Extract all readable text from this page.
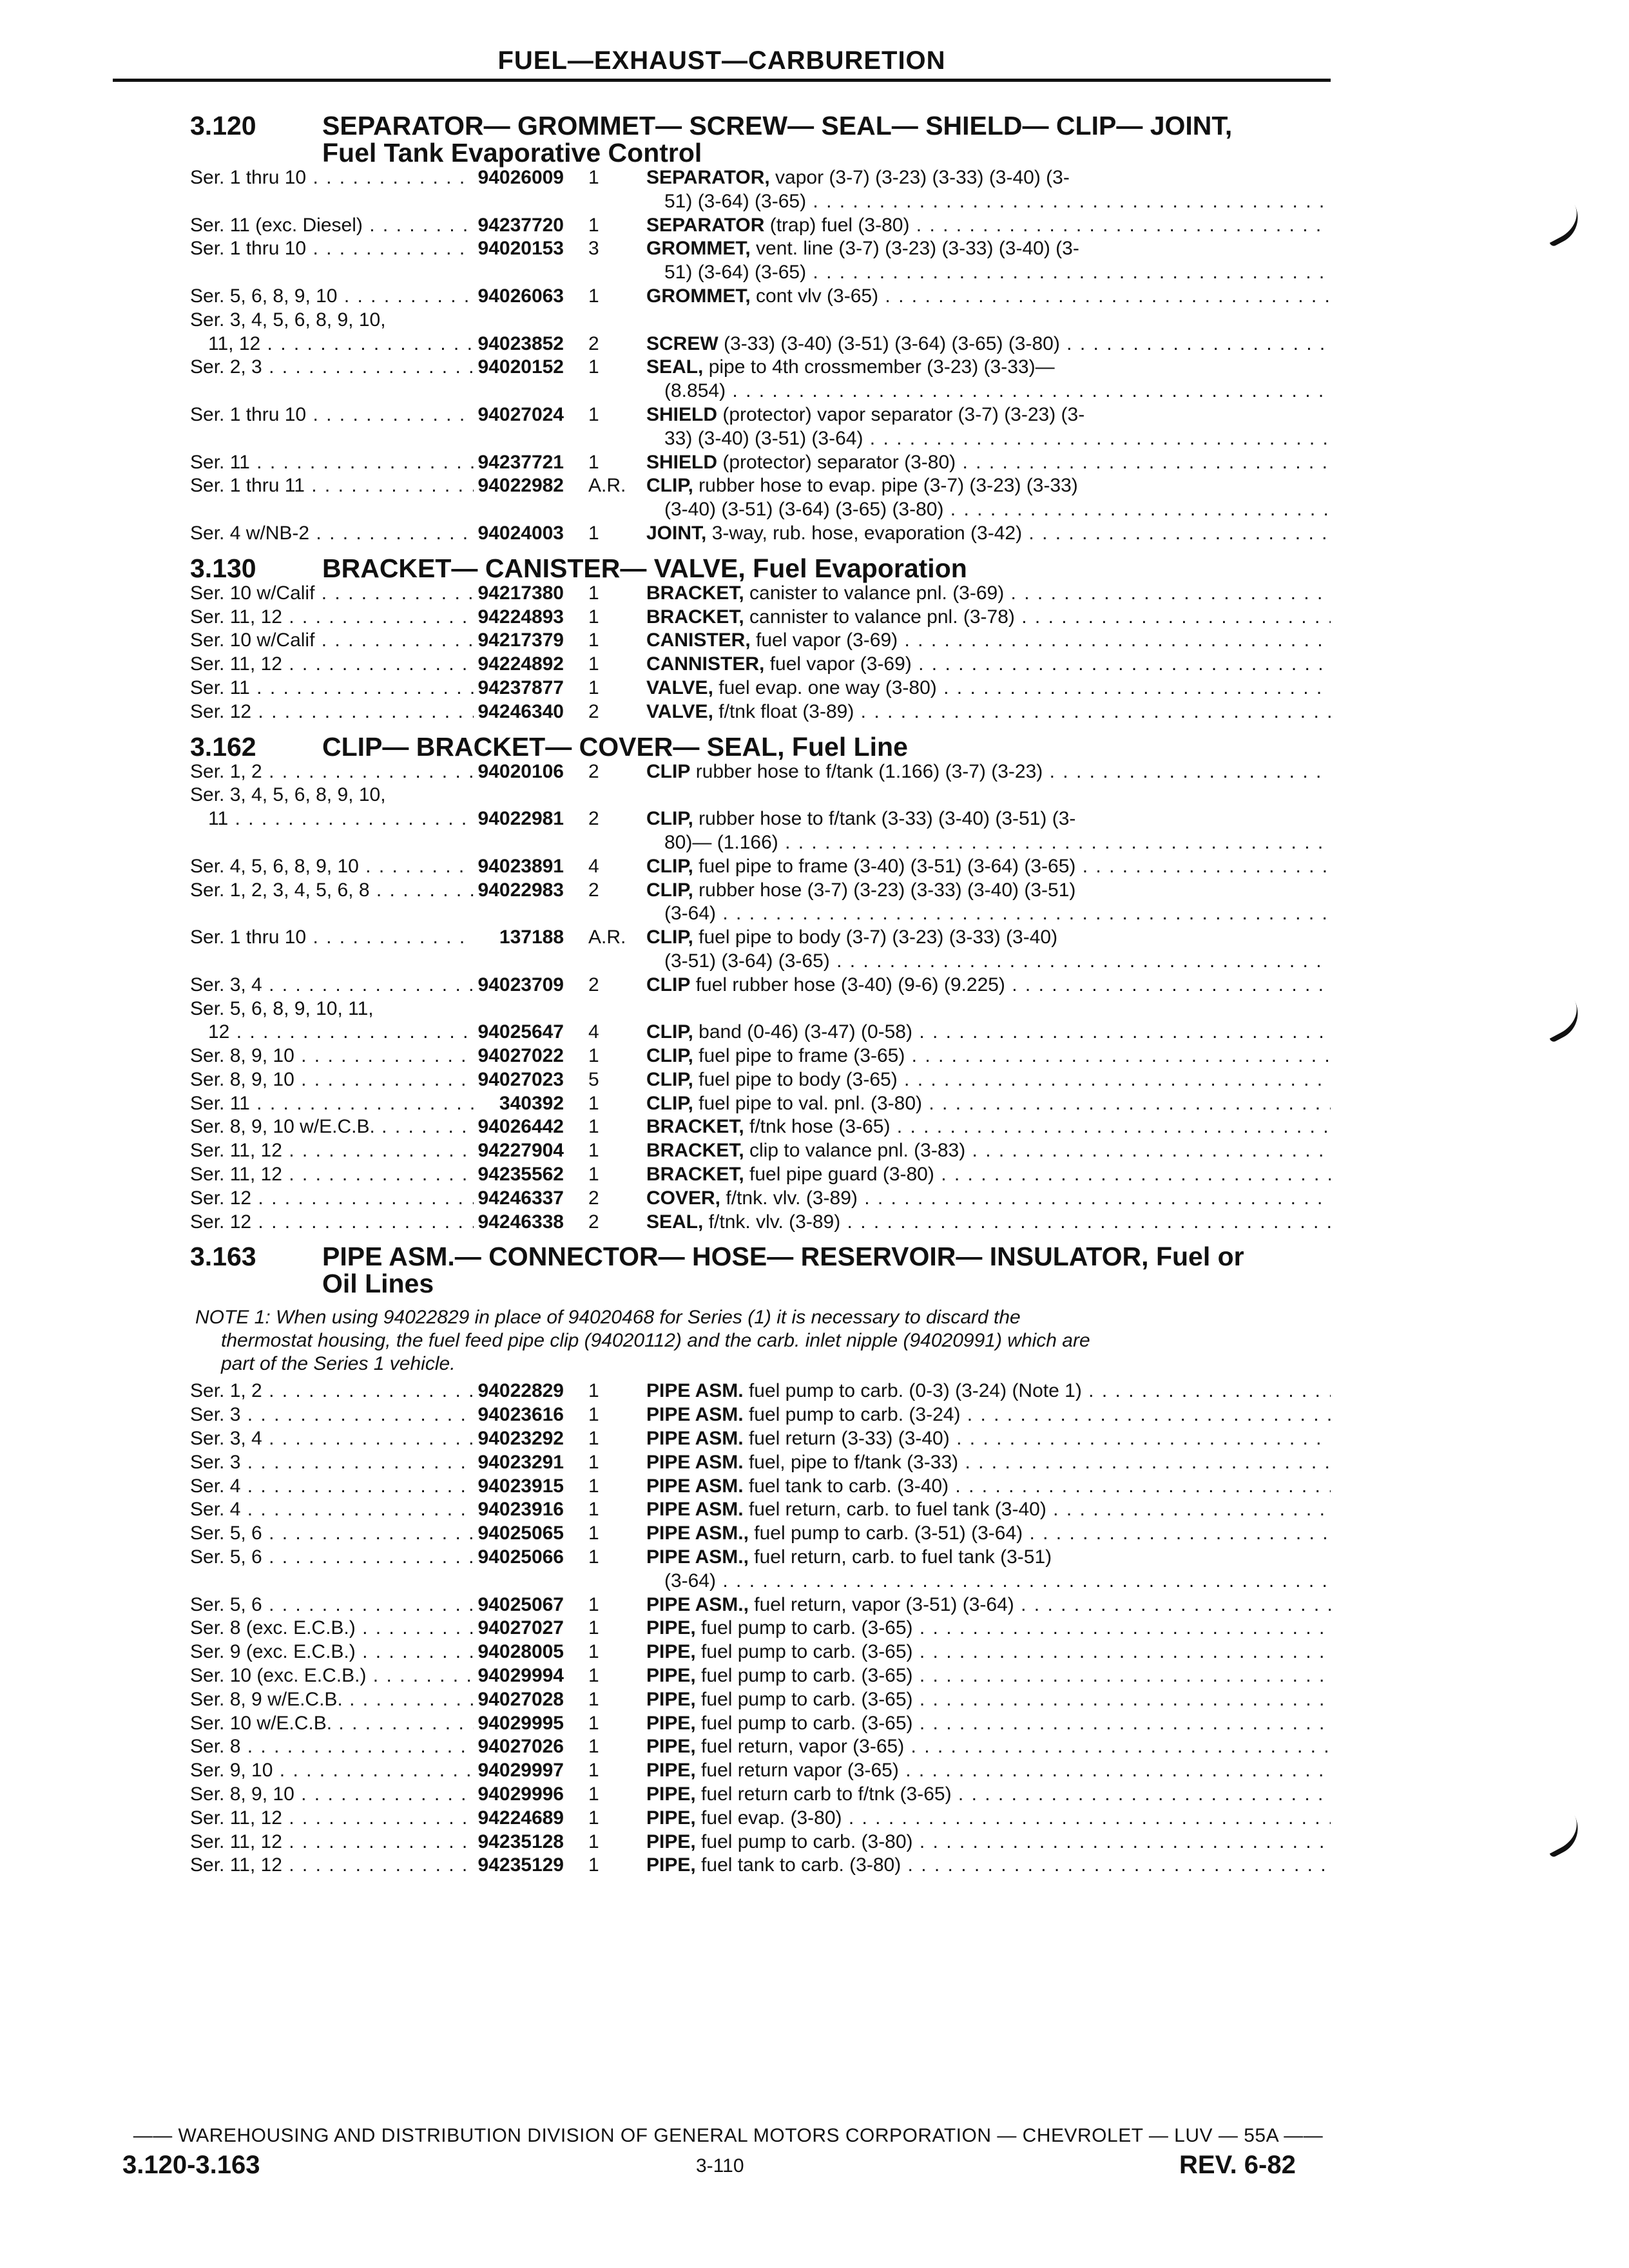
FUEL—EXHAUST—CARBURETION
3.120	SEPARATOR— GROMMET— SCREW— SEAL— SHIELD— CLIP— JOINT,
Fuel Tank Evaporative Control
Ser. 1 thru 10 . . .	94026009	1	SEPARATOR, vapor (3-7) (3-23) (3-33) (3-40) (3-
51) (3-64) (3-65) . . .
Ser. 11 (exc. Diesel) . . .	94237720	1	SEPARATOR (trap) fuel (3-80) . . .
Ser. 1 thru 10 . . .	94020153	3	GROMMET, vent. line (3-7) (3-23) (3-33) (3-40) (3-
51) (3-64) (3-65) . . .
Ser. 5, 6, 8, 9, 10 . . .	94026063	1	GROMMET, cont vlv (3-65) . . .
Ser. 3, 4, 5, 6, 8, 9, 10,
11, 12 . . .	94023852	2	SCREW (3-33) (3-40) (3-51) (3-64) (3-65) (3-80) . . .
Ser. 2, 3 . . .	94020152	1	SEAL, pipe to 4th crossmember (3-23) (3-33)—
(8.854) . . .
Ser. 1 thru 10 . . .	94027024	1	SHIELD (protector) vapor separator (3-7) (3-23) (3-
33) (3-40) (3-51) (3-64) . . .
Ser. 11 . . .	94237721	1	SHIELD (protector) separator (3-80) . . .
Ser. 1 thru 11 . . .	94022982	A.R.	CLIP, rubber hose to evap. pipe (3-7) (3-23) (3-33)
(3-40) (3-51) (3-64) (3-65) (3-80) . . .
Ser. 4 w/NB-2 . . .	94024003	1	JOINT, 3-way, rub. hose, evaporation (3-42) . . .
3.130	BRACKET— CANISTER— VALVE, Fuel Evaporation
Ser. 10 w/Calif . . .	94217380	1	BRACKET, canister to valance pnl. (3-69) . . .
Ser. 11, 12 . . .	94224893	1	BRACKET, cannister to valance pnl. (3-78) . . .
Ser. 10 w/Calif . . .	94217379	1	CANISTER, fuel vapor (3-69) . . .
Ser. 11, 12 . . .	94224892	1	CANNISTER, fuel vapor (3-69) . . .
Ser. 11 . . .	94237877	1	VALVE, fuel evap. one way (3-80) . . .
Ser. 12 . . .	94246340	2	VALVE, f/tnk float (3-89) . . .
3.162	CLIP— BRACKET— COVER— SEAL, Fuel Line
Ser. 1, 2 . . .	94020106	2	CLIP rubber hose to f/tank (1.166) (3-7) (3-23) . . .
Ser. 3, 4, 5, 6, 8, 9, 10,
11 . . .	94022981	2	CLIP, rubber hose to f/tank (3-33) (3-40) (3-51) (3-
80)— (1.166) . . .
Ser. 4, 5, 6, 8, 9, 10 . . .	94023891	4	CLIP, fuel pipe to frame (3-40) (3-51) (3-64) (3-65) . . .
Ser. 1, 2, 3, 4, 5, 6, 8 . . .	94022983	2	CLIP, rubber hose (3-7) (3-23) (3-33) (3-40) (3-51)
(3-64) . . .
Ser. 1 thru 10 . . .	137188	A.R.	CLIP, fuel pipe to body (3-7) (3-23) (3-33) (3-40)
(3-51) (3-64) (3-65) . . .
Ser. 3, 4 . . .	94023709	2	CLIP fuel rubber hose (3-40) (9-6) (9.225) . . .
Ser. 5, 6, 8, 9, 10, 11,
12 . . .	94025647	4	CLIP, band (0-46) (3-47) (0-58) . . .
Ser. 8, 9, 10 . . .	94027022	1	CLIP, fuel pipe to frame (3-65) . . .
Ser. 8, 9, 10 . . .	94027023	5	CLIP, fuel pipe to body (3-65) . . .
Ser. 11 . . .	340392	1	CLIP, fuel pipe to val. pnl. (3-80) . . .
Ser. 8, 9, 10 w/E.C.B. . . .	94026442	1	BRACKET, f/tnk hose (3-65) . . .
Ser. 11, 12 . . .	94227904	1	BRACKET, clip to valance pnl. (3-83) . . .
Ser. 11, 12 . . .	94235562	1	BRACKET, fuel pipe guard (3-80) . . .
Ser. 12 . . .	94246337	2	COVER, f/tnk. vlv. (3-89) . . .
Ser. 12 . . .	94246338	2	SEAL, f/tnk. vlv. (3-89) . . .
3.163	PIPE ASM.— CONNECTOR— HOSE— RESERVOIR— INSULATOR, Fuel or
Oil Lines
NOTE 1: When using 94022829 in place of 94020468 for Series (1) it is necessary to discard the
thermostat housing, the fuel feed pipe clip (94020112) and the carb. inlet nipple (94020991) which are
part of the Series 1 vehicle.
Ser. 1, 2 . . .	94022829	1	PIPE ASM. fuel pump to carb. (0-3) (3-24) (Note 1) . . .
Ser. 3 . . .	94023616	1	PIPE ASM. fuel pump to carb. (3-24) . . .
Ser. 3, 4 . . .	94023292	1	PIPE ASM. fuel return (3-33) (3-40) . . .
Ser. 3 . . .	94023291	1	PIPE ASM. fuel, pipe to f/tank (3-33) . . .
Ser. 4 . . .	94023915	1	PIPE ASM. fuel tank to carb. (3-40) . . .
Ser. 4 . . .	94023916	1	PIPE ASM. fuel return, carb. to fuel tank (3-40) . . .
Ser. 5, 6 . . .	94025065	1	PIPE ASM., fuel pump to carb. (3-51) (3-64) . . .
Ser. 5, 6 . . .	94025066	1	PIPE ASM., fuel return, carb. to fuel tank (3-51)
(3-64) . . .
Ser. 5, 6 . . .	94025067	1	PIPE ASM., fuel return, vapor (3-51) (3-64) . . .
Ser. 8 (exc. E.C.B.) . . .	94027027	1	PIPE, fuel pump to carb. (3-65) . . .
Ser. 9 (exc. E.C.B.) . . .	94028005	1	PIPE, fuel pump to carb. (3-65) . . .
Ser. 10 (exc. E.C.B.) . . .	94029994	1	PIPE, fuel pump to carb. (3-65) . . .
Ser. 8, 9 w/E.C.B. . . .	94027028	1	PIPE, fuel pump to carb. (3-65) . . .
Ser. 10 w/E.C.B. . . .	94029995	1	PIPE, fuel pump to carb. (3-65) . . .
Ser. 8 . . .	94027026	1	PIPE, fuel return, vapor (3-65) . . .
Ser. 9, 10 . . .	94029997	1	PIPE, fuel return vapor (3-65) . . .
Ser. 8, 9, 10 . . .	94029996	1	PIPE, fuel return carb to f/tnk (3-65) . . .
Ser. 11, 12 . . .	94224689	1	PIPE, fuel evap. (3-80) . . .
Ser. 11, 12 . . .	94235128	1	PIPE, fuel pump to carb. (3-80) . . .
Ser. 11, 12 . . .	94235129	1	PIPE, fuel tank to carb. (3-80) . . .
—— WAREHOUSING AND DISTRIBUTION DIVISION OF GENERAL MOTORS CORPORATION — CHEVROLET — LUV — 55A ——
3.120-3.163	3-110	REV. 6-82
